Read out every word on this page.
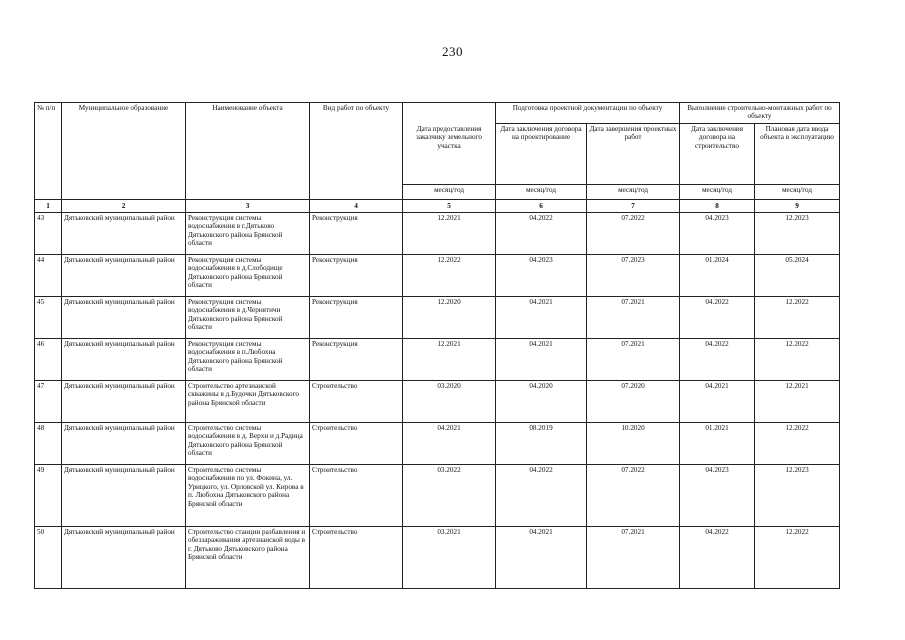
230
№ п/п	Муниципальное образование	Наименование объекта	Вид работ по объекту	Дата предоставления заказчику земельного участка	Подготовка проектной документации по объекту		Выполнение строительно-монтажных работ по объекту	
					Дата заключения договора на проектирование	Дата завершения проектных работ	Дата заключения договора на строительство	Плановая дата ввода объекта в эксплуатацию
				месяц/год	месяц/год	месяц/год	месяц/год	месяц/год
1	2	3	4	5	6	7	8	9
43	Дятьковский муниципальный район	Реконструкция системы водоснабжения в г.Дятьково Дятьковского района Брянской области	Реконструкция	12.2021	04.2022	07.2022	04.2023	12.2023
44	Дятьковский муниципальный район	Реконструкция системы водоснабжения в д.Слободище Дятьковского района Брянской области	Реконструкция	12.2022	04.2023	07.2023	01.2024	05.2024
45	Дятьковский муниципальный район	Реконструкция системы водоснабжения в д.Чернятичи Дятьковского района Брянской области	Реконструкция	12.2020	04.2021	07.2021	04.2022	12.2022
46	Дятьковский муниципальный район	Реконструкция системы водоснабжения в п.Любохна Дятьковского района Брянской области	Реконструкция	12.2021	04.2021	07.2021	04.2022	12.2022
47	Дятьковский муниципальный район	Строительство артезианской скважины в д.Будочки Дятьковского района Брянской области	Строительство	03.2020	04.2020	07.2020	04.2021	12.2021
48	Дятьковский муниципальный район	Строительство системы водоснабжения в д. Верхи и д.Радица Дятьковского района Брянской области	Строительство	04.2021	08.2019	10.2020	01.2021	12.2022
49	Дятьковский муниципальный район	Строительство системы водоснабжения по ул. Фокина, ул. Урицкого, ул. Орловской ул. Кирова в п. Любохна Дятьковского района Брянской области	Строительство	03.2022	04.2022	07.2022	04.2023	12.2023
50	Дятьковский муниципальный район	Строительство станции разбавления и обеззараживания артезианской воды в г. Дятьково Дятьковского района Брянской области	Строительство	03.2021	04.2021	07.2021	04.2022	12.2022
